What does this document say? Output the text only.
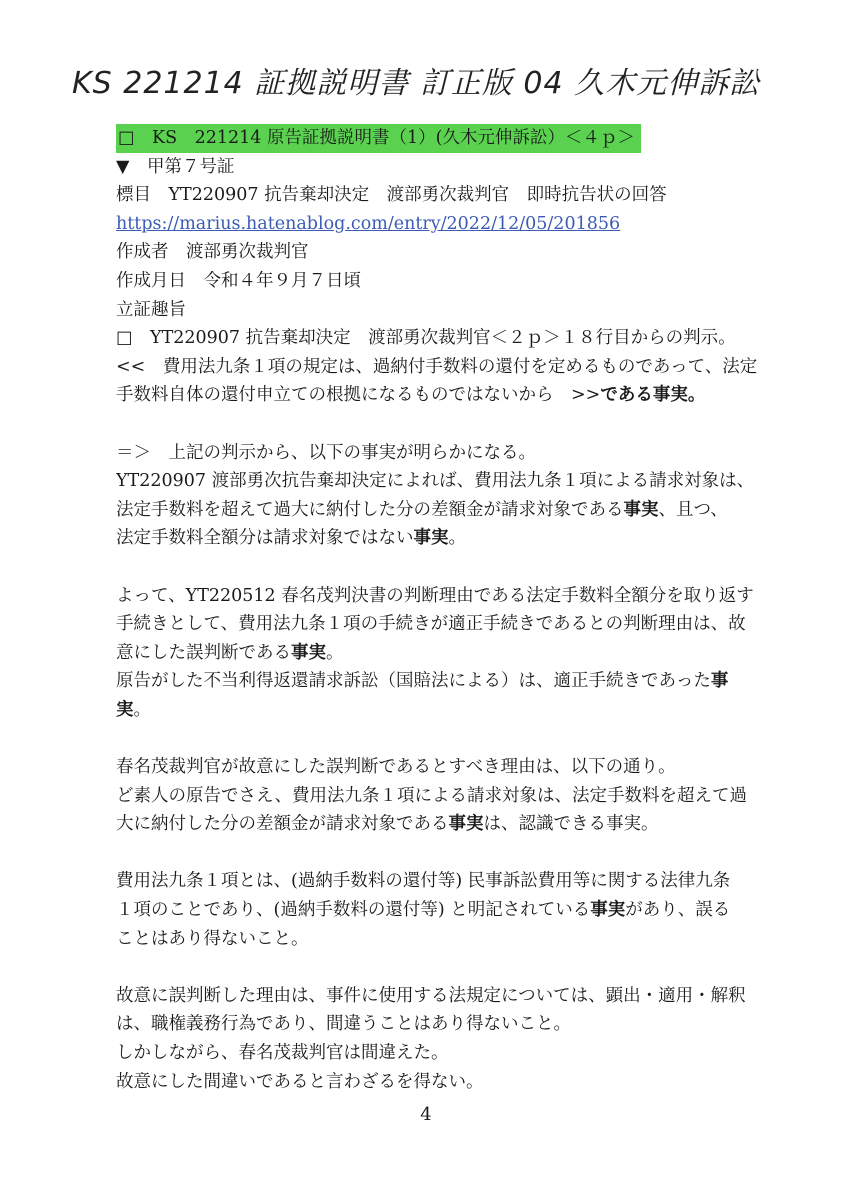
KS 221214 証拠説明書 訂正版 04 久木元伸訴訟
□　KS　221214 原告証拠説明書（1）(久木元伸訴訟）＜４ｐ＞
▼　甲第７号証
標目　YT220907 抗告棄却決定　渡部勇次裁判官　即時抗告状の回答
https://marius.hatenablog.com/entry/2022/12/05/201856
作成者　渡部勇次裁判官
作成月日　令和４年９月７日頃
立証趣旨
□　YT220907 抗告棄却決定　渡部勇次裁判官＜２ｐ＞１８行目からの判示。
<<　費用法九条１項の規定は、過納付手数料の還付を定めるものであって、法定
手数料自体の還付申立ての根拠になるものではないから　>>である事実。
＝＞　上記の判示から、以下の事実が明らかになる。
YT220907 渡部勇次抗告棄却決定によれば、費用法九条１項による請求対象は、
法定手数料を超えて過大に納付した分の差額金が請求対象である事実、且つ、
法定手数料全額分は請求対象ではない事実。
よって、YT220512 春名茂判決書の判断理由である法定手数料全額分を取り返す
手続きとして、費用法九条１項の手続きが適正手続きであるとの判断理由は、故
意にした誤判断である事実。
原告がした不当利得返還請求訴訟（国賠法による）は、適正手続きであった事
実。
春名茂裁判官が故意にした誤判断であるとすべき理由は、以下の通り。
ど素人の原告でさえ、費用法九条１項による請求対象は、法定手数料を超えて過
大に納付した分の差額金が請求対象である事実は、認識できる事実。
費用法九条１項とは、(過納手数料の還付等) 民事訴訟費用等に関する法律九条
１項のことであり、(過納手数料の還付等) と明記されている事実があり、誤る
ことはあり得ないこと。
故意に誤判断した理由は、事件に使用する法規定については、顕出・適用・解釈
は、職権義務行為であり、間違うことはあり得ないこと。
しかしながら、春名茂裁判官は間違えた。
故意にした間違いであると言わざるを得ない。
4
